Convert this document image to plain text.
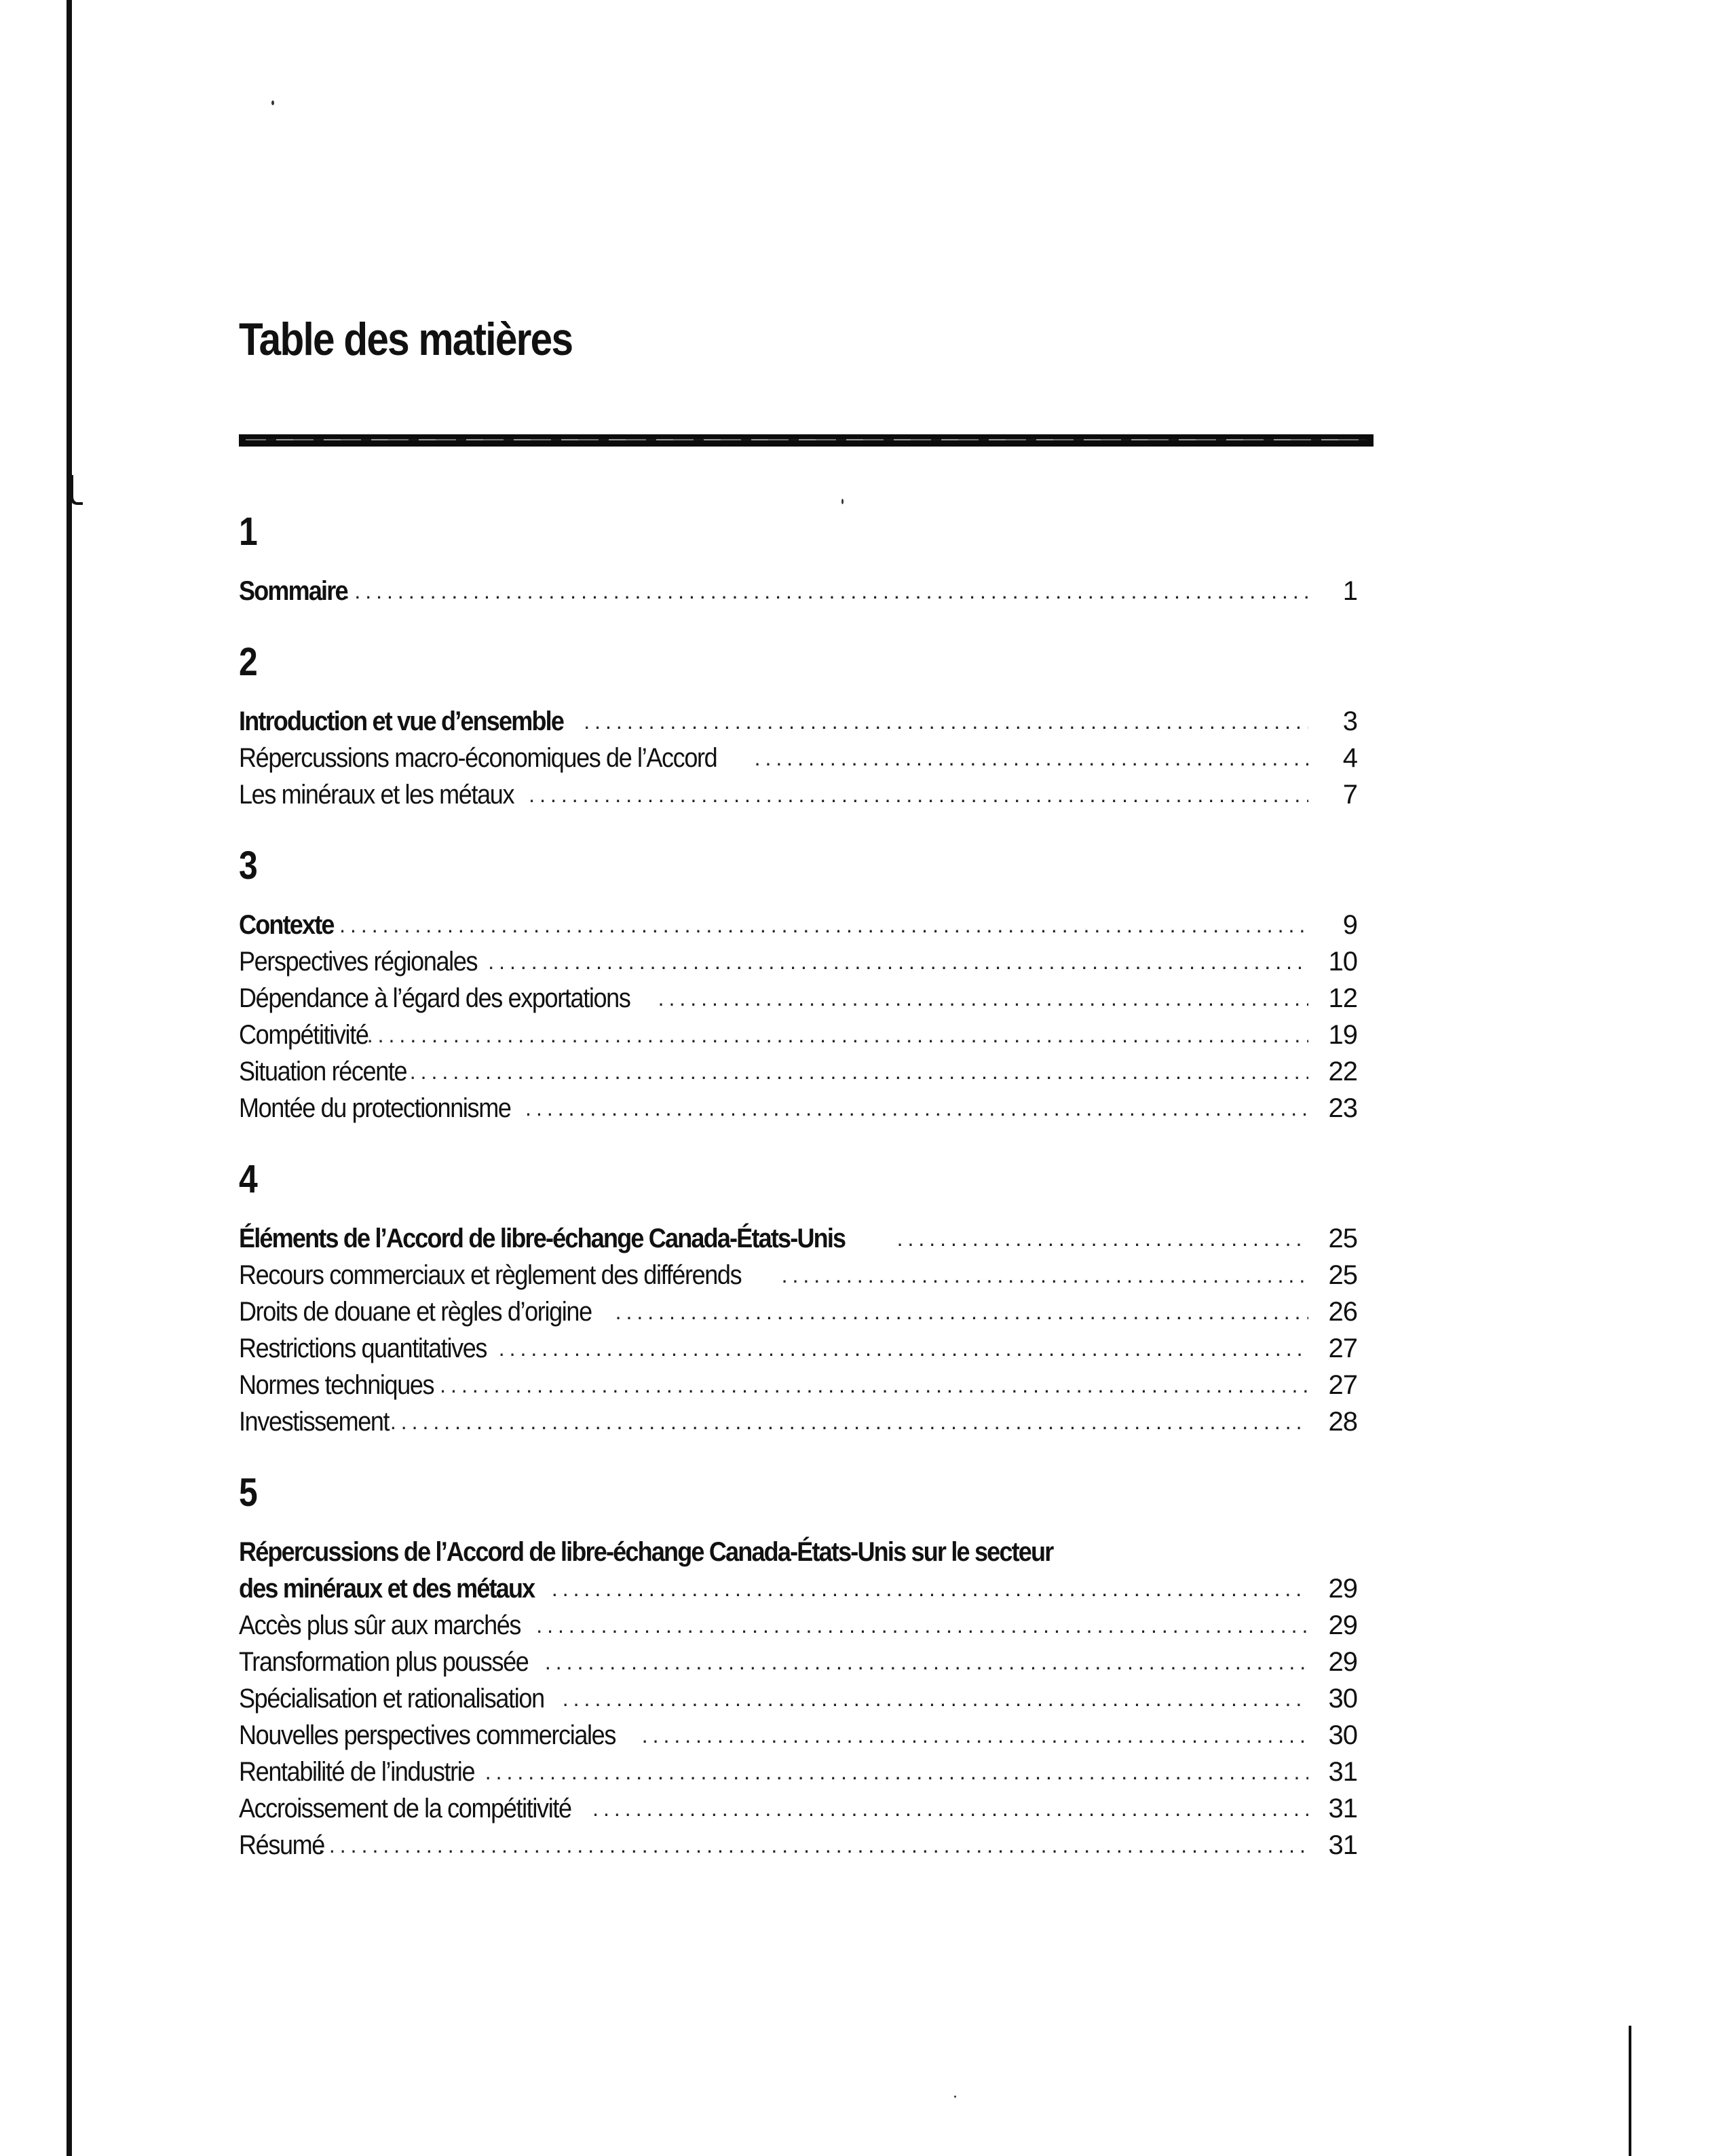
Table des matières
1
Sommaire .....	1
2
Introduction et vue d’ensemble .....	3
Répercussions macro-économiques de l’Accord .....	4
Les minéraux et les métaux .....	7
3
Contexte .....	9
Perspectives régionales .....	10
Dépendance à l’égard des exportations .....	12
Compétitivité .....	19
Situation récente .....	22
Montée du protectionnisme .....	23
4
Éléments de l’Accord de libre-échange Canada-États-Unis .....	25
Recours commerciaux et règlement des différends .....	25
Droits de douane et règles d’origine .....	26
Restrictions quantitatives .....	27
Normes techniques .....	27
Investissement .....	28
5
Répercussions de l’Accord de libre-échange Canada-États-Unis sur le secteur
des minéraux et des métaux .....	29
Accès plus sûr aux marchés .....	29
Transformation plus poussée .....	29
Spécialisation et rationalisation .....	30
Nouvelles perspectives commerciales .....	30
Rentabilité de l’industrie .....	31
Accroissement de la compétitivité .....	31
Résumé .....	31
